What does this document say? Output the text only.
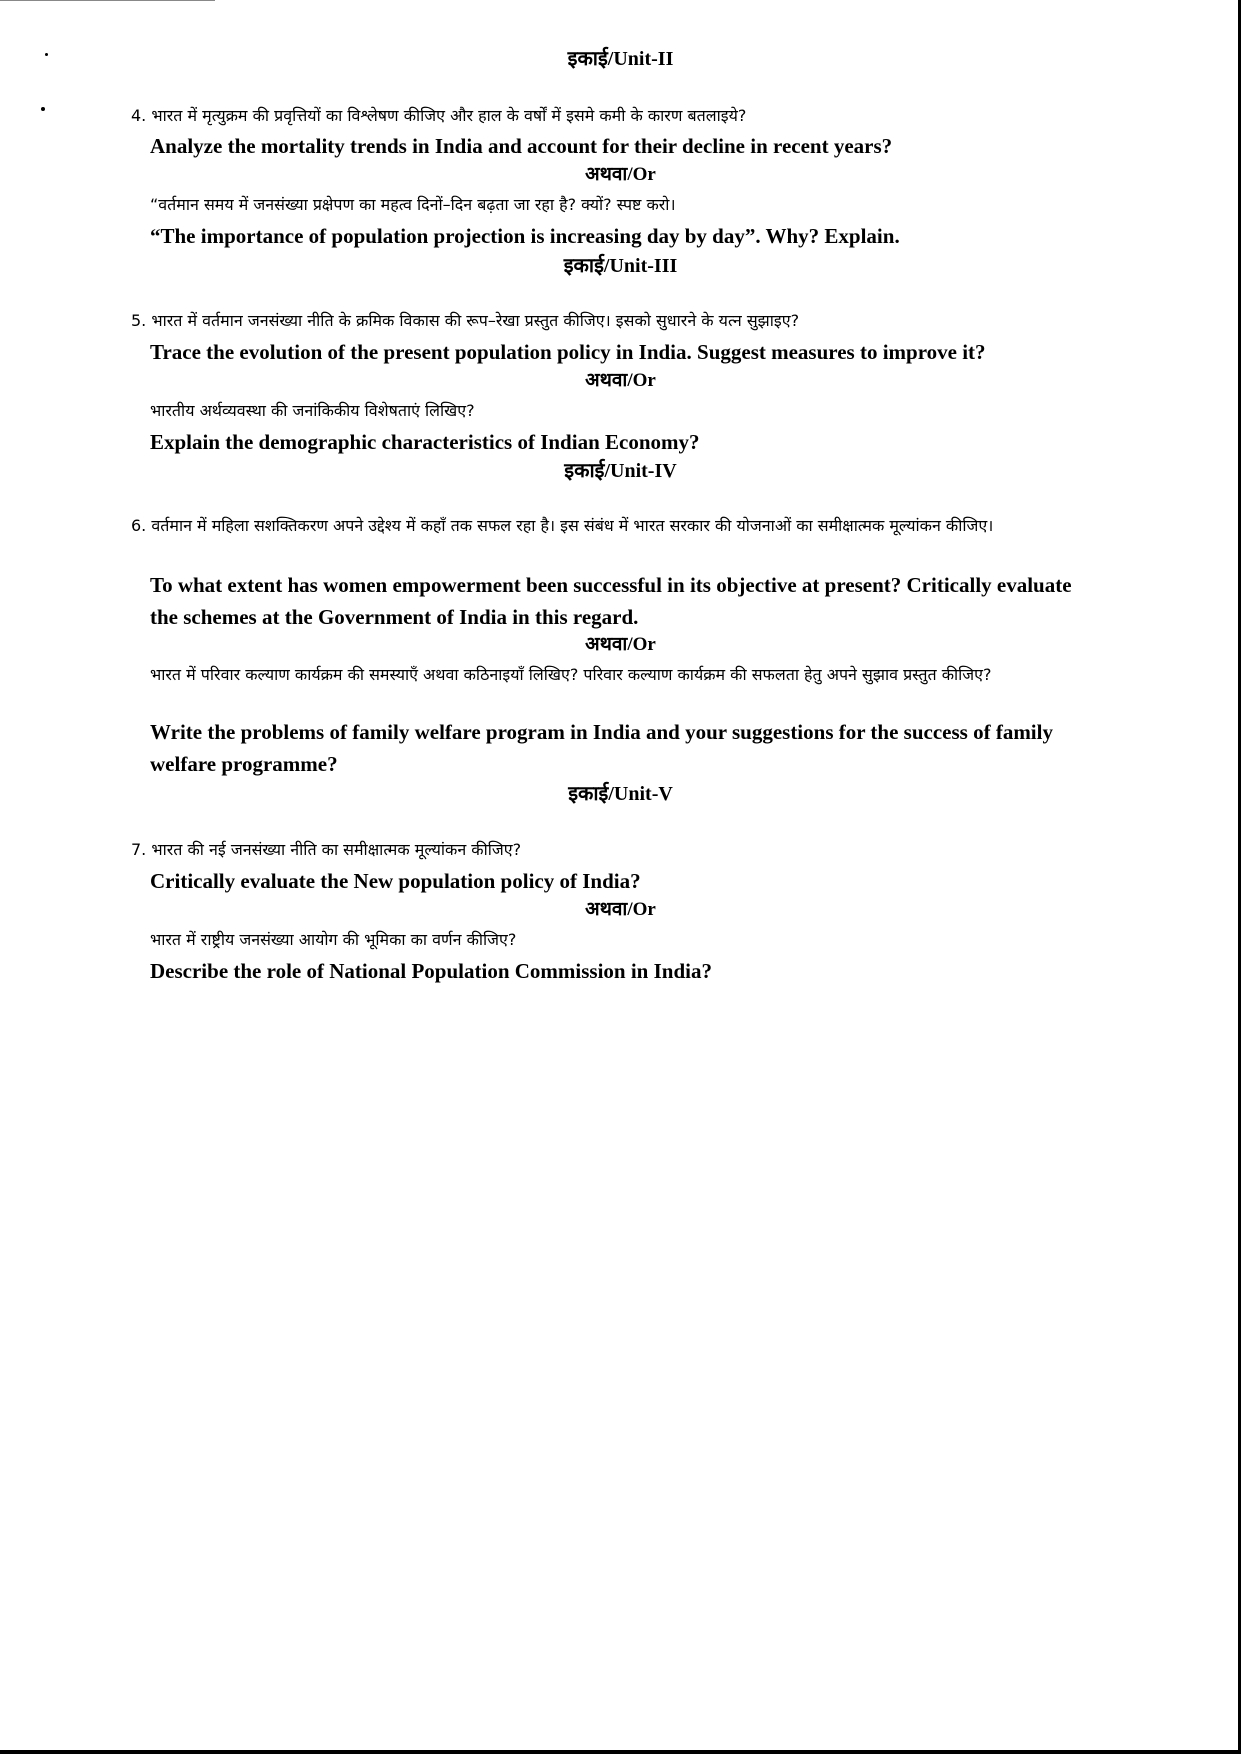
इकाई/Unit-II
4. भारत में मृत्युक्रम की प्रवृत्तियों का विश्लेषण कीजिए और हाल के वर्षों में इसमे कमी के कारण बतलाइये?
Analyze the mortality trends in India and account for their decline in recent years?
अथवा/Or
“वर्तमान समय में जनसंख्या प्रक्षेपण का महत्व दिनों–दिन बढ़ता जा रहा है? क्यों? स्पष्ट करो।
“The importance of population projection is increasing day by day”. Why? Explain.
इकाई/Unit-III
5. भारत में वर्तमान जनसंख्या नीति के क्रमिक विकास की रूप–रेखा प्रस्तुत कीजिए। इसको सुधारने के यत्न सुझाइए?
Trace the evolution of the present population policy in India. Suggest measures to improve it?
अथवा/Or
भारतीय अर्थव्यवस्था की जनांकिकीय विशेषताएं लिखिए?
Explain the demographic characteristics of Indian Economy?
इकाई/Unit-IV
6. वर्तमान में महिला सशक्तिकरण अपने उद्देश्य में कहाँ तक सफल रहा है। इस संबंध में भारत सरकार की योजनाओं का समीक्षात्मक मूल्यांकन कीजिए।
To what extent has women empowerment been successful in its objective at present? Critically evaluate the schemes at the Government of India in this regard.
अथवा/Or
भारत में परिवार कल्याण कार्यक्रम की समस्याएँ अथवा कठिनाइयाँ लिखिए? परिवार कल्याण कार्यक्रम की सफलता हेतु अपने सुझाव प्रस्तुत कीजिए?
Write the problems of family welfare program in India and your suggestions for the success of family welfare programme?
इकाई/Unit-V
7. भारत की नई जनसंख्या नीति का समीक्षात्मक मूल्यांकन कीजिए?
Critically evaluate the New population policy of India?
अथवा/Or
भारत में राष्ट्रीय जनसंख्या आयोग की भूमिका का वर्णन कीजिए?
Describe the role of National Population Commission in India?
